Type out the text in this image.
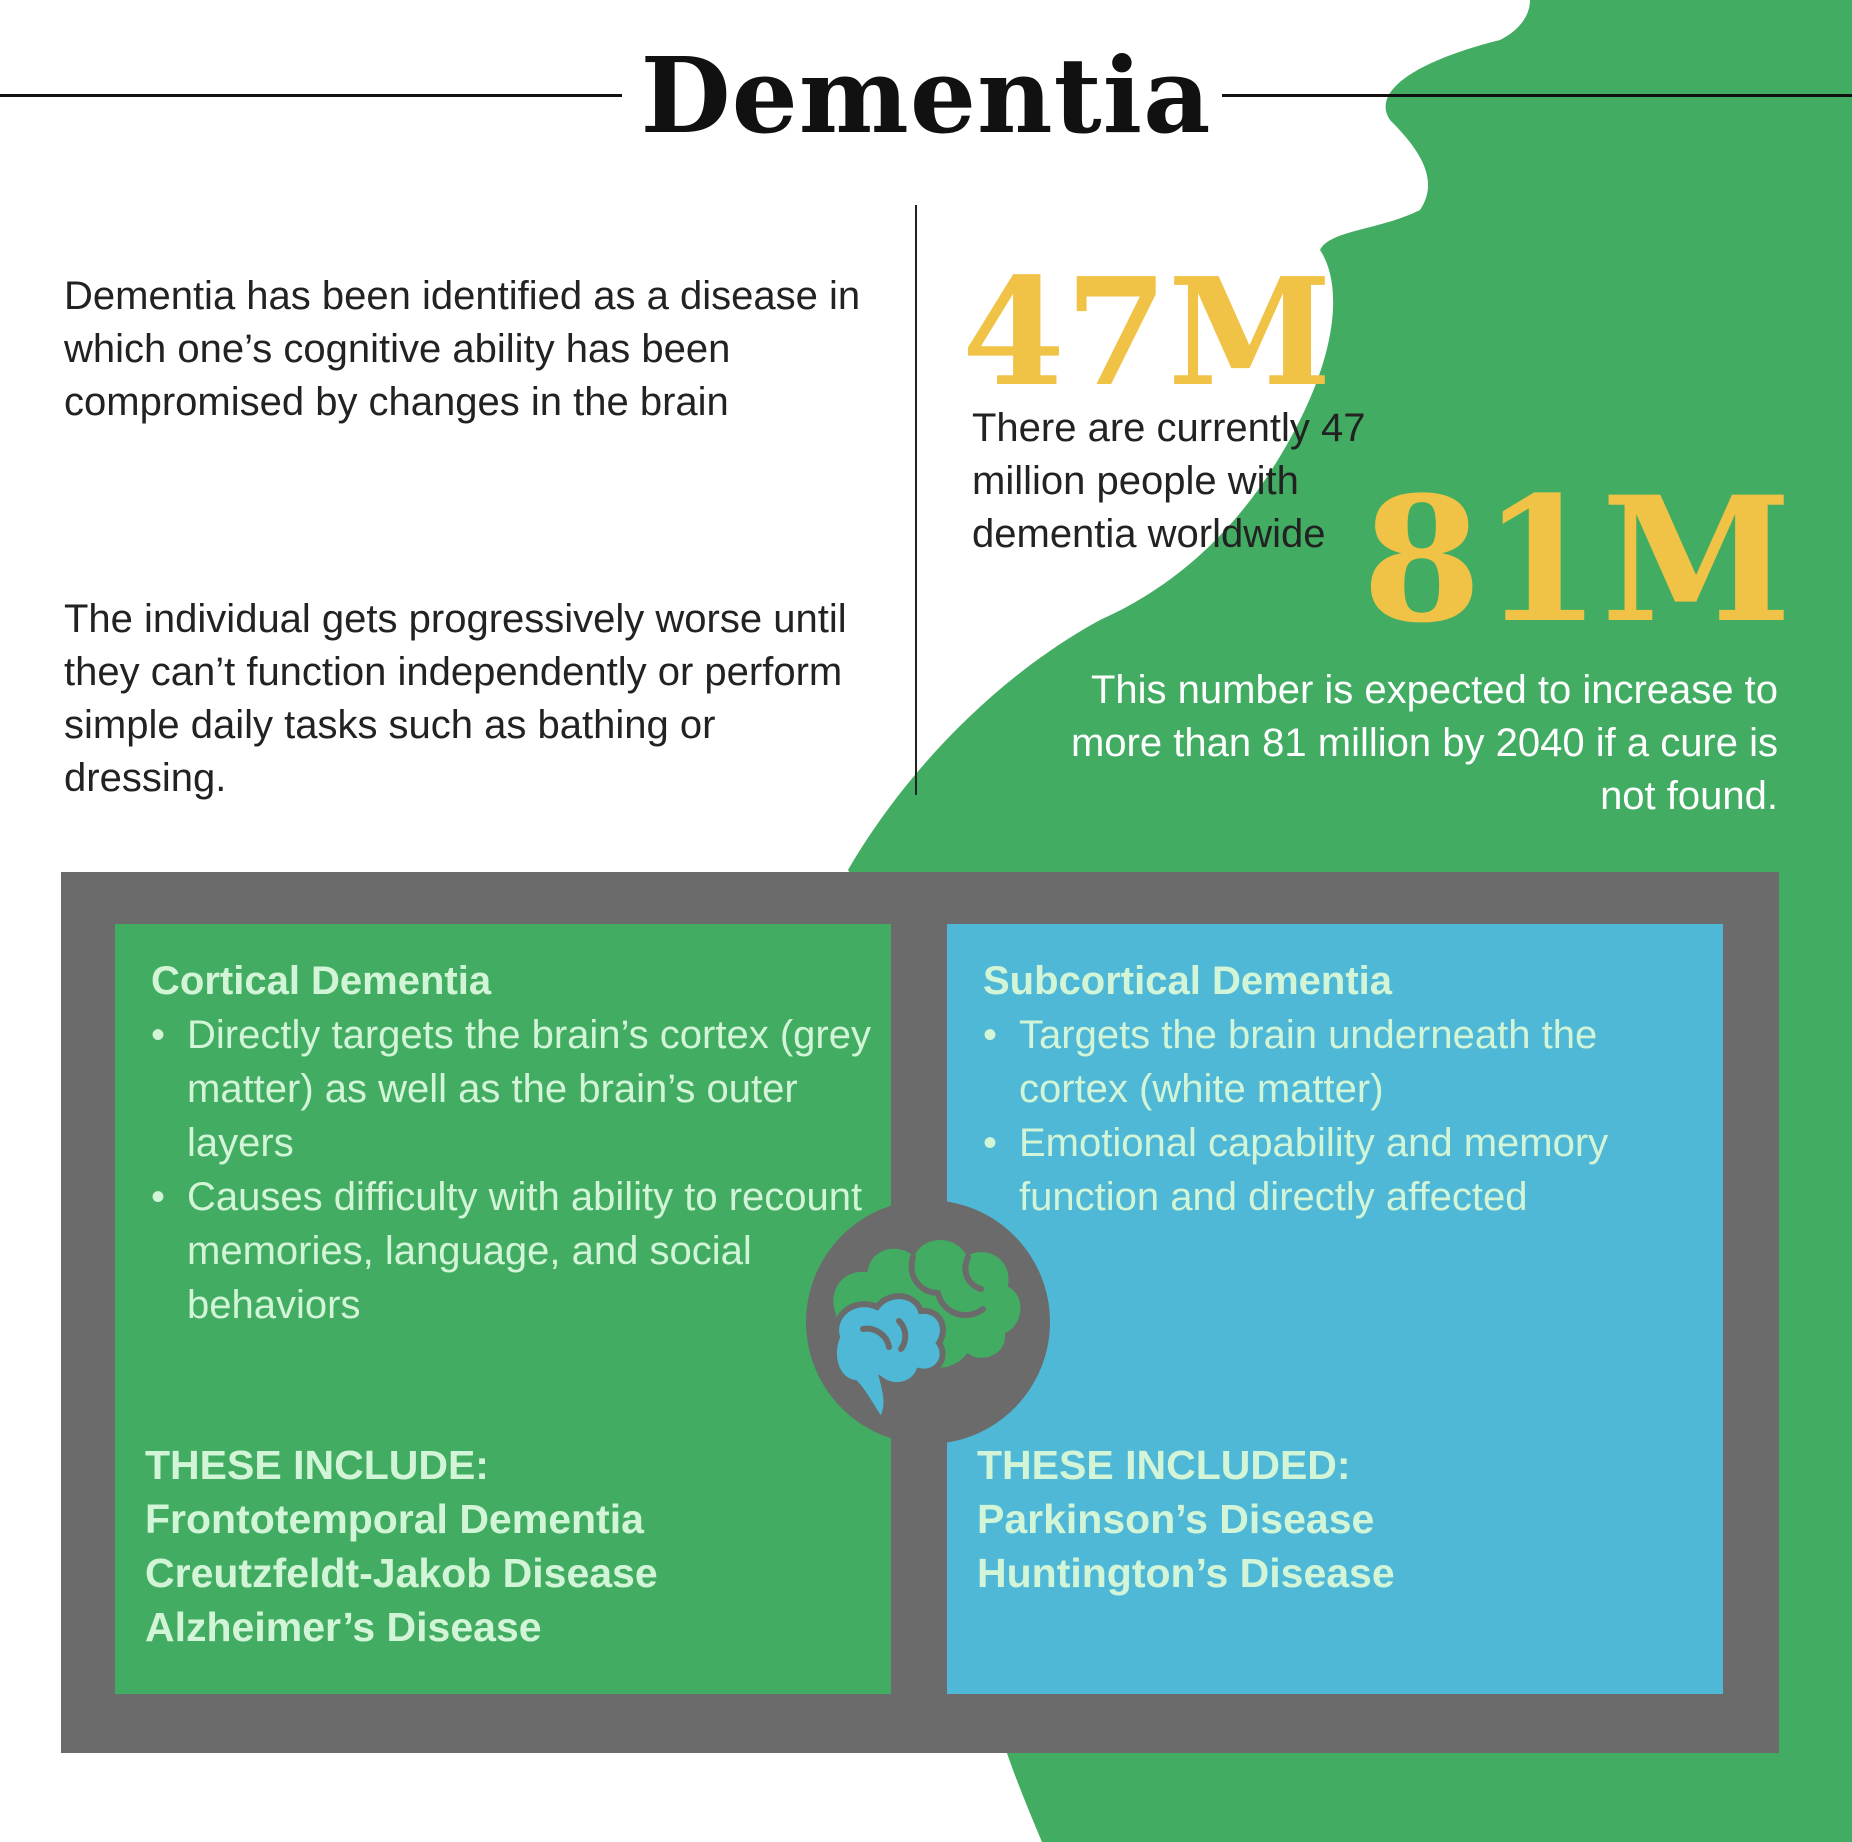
Dementia

Dementia has been identified as a disease in which one’s cognitive ability has been compromised by changes in the brain

The individual gets progressively worse until they can’t function independently or perform simple daily tasks such as bathing or dressing.

47M

There are currently 47 million people with dementia worldwide 81M

This number is expected to increase to more than 81 million by 2040 if a cure is not found.

Cortical Dementia
• Directly targets the brain’s cortex (grey matter) as well as the brain’s outer layers
• Causes difficulty with ability to recount memories, language, and social behaviors
THESE INCLUDE:
Frontotemporal Dementia
Creutzfeldt-Jakob Disease
Alzheimer’s Disease
Subcortical Dementia
• Targets the brain underneath the cortex (white matter)
• Emotional capability and memory function and directly affected
THESE INCLUDED:
Parkinson’s Disease
Huntington’s Disease
